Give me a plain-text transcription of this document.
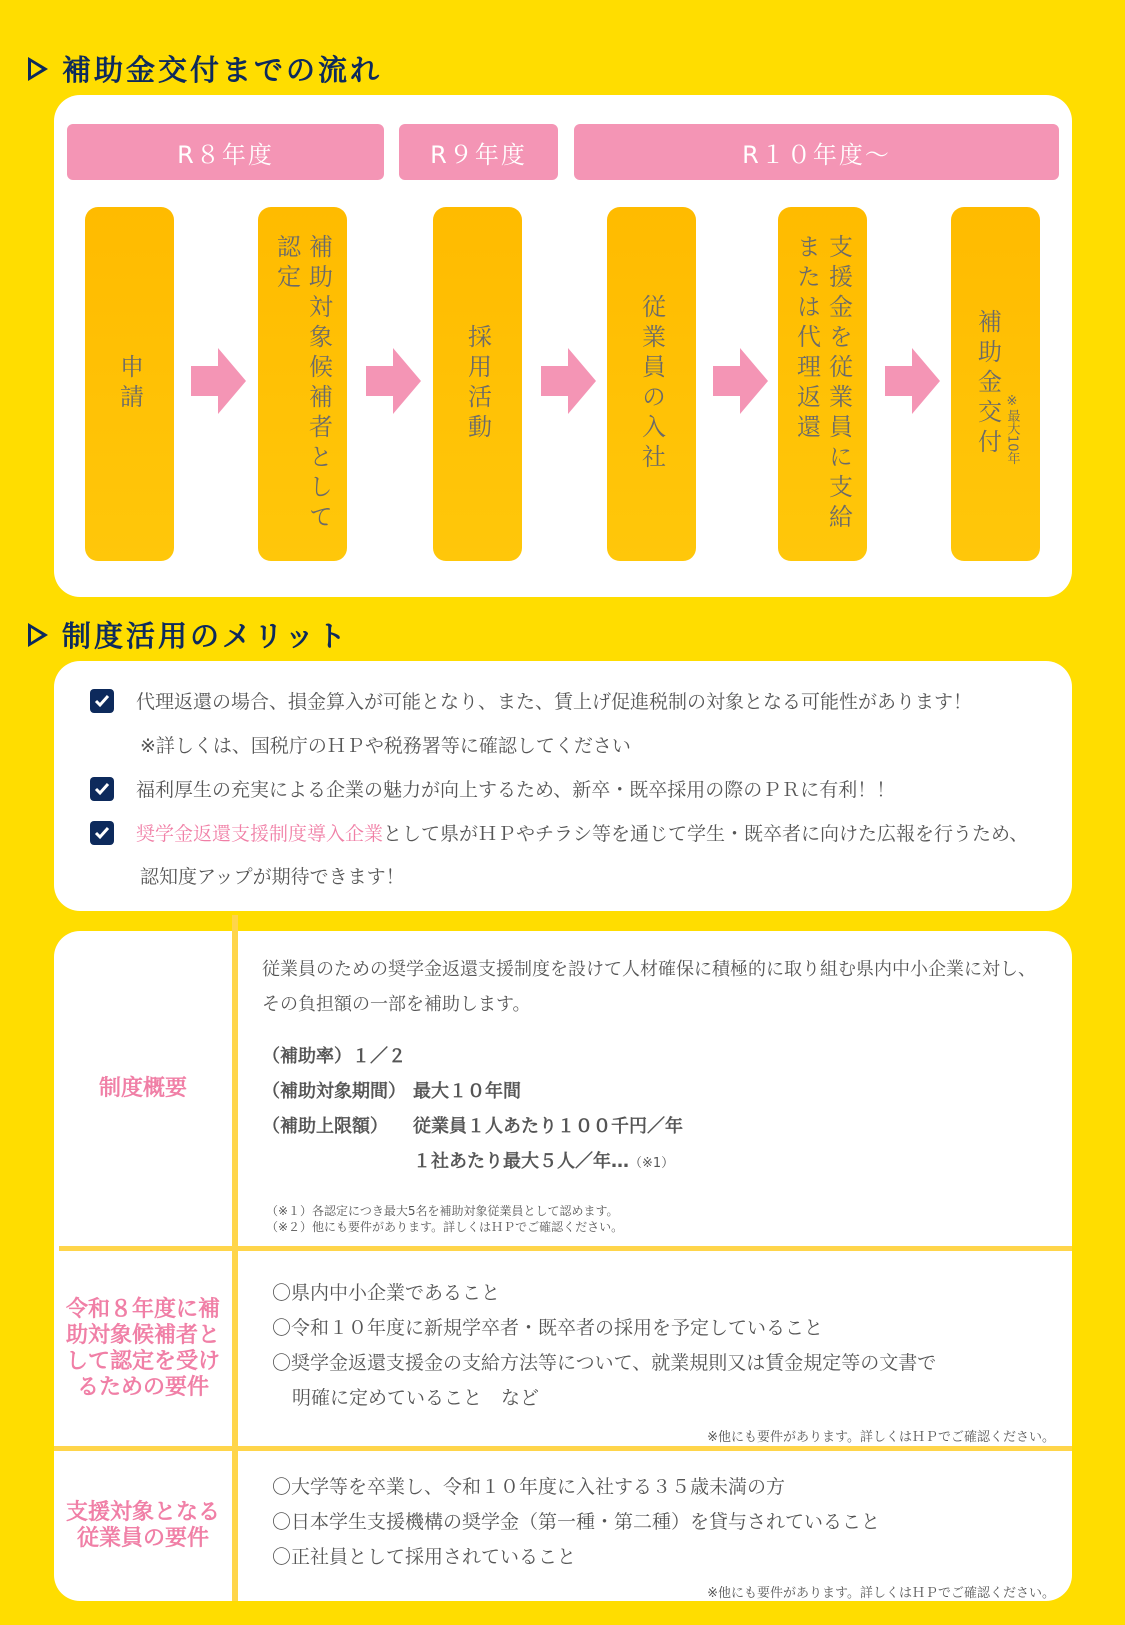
補助金交付までの流れ
R８年度	R９年度	R１０年度～
申請	補助対象候補者として認定
採用活動	従業員の入社	支援金を従業員に支給または代理返還	補助金交付 ※最大10年
制度活用のメリット
代理返還の場合、損金算入が可能となり、また、賃上げ促進税制の対象となる可能性があります！
※詳しくは、国税庁のＨＰや税務署等に確認してください
福利厚生の充実による企業の魅力が向上するため、新卒・既卒採用の際のＰＲに有利！！
奨学金返還支援制度導入企業 として県がＨＰやチラシ等を通じて学生・既卒者に向けた広報を行うため、
認知度アップが期待できます！
制度概要
従業員のための奨学金返還支援制度を設けて人材確保に積極的に取り組む県内中小企業に対し、
その負担額の一部を補助します。
（補助率）１／２
（補助対象期間） 最大１０年間
（補助上限額） 従業員１人あたり１００千円／年
１社あたり最大５人／年…（※1）
（※１）各認定につき最大5名を補助対象従業員として認めます。
（※２）他にも要件があります。詳しくはＨＰでご確認ください。
令和８年度に補助対象候補者として認定を受けるための要件
〇県内中小企業であること
〇令和１０年度に新規学卒者・既卒者の採用を予定していること
〇奨学金返還支援金の支給方法等について、就業規則又は賃金規定等の文書で
明確に定めていること　など
※他にも要件があります。詳しくはＨＰでご確認ください。
支援対象となる従業員の要件
〇大学等を卒業し、令和１０年度に入社する３５歳未満の方
〇日本学生支援機構の奨学金（第一種・第二種）を貸与されていること
〇正社員として採用されていること
※他にも要件があります。詳しくはＨＰでご確認ください。
